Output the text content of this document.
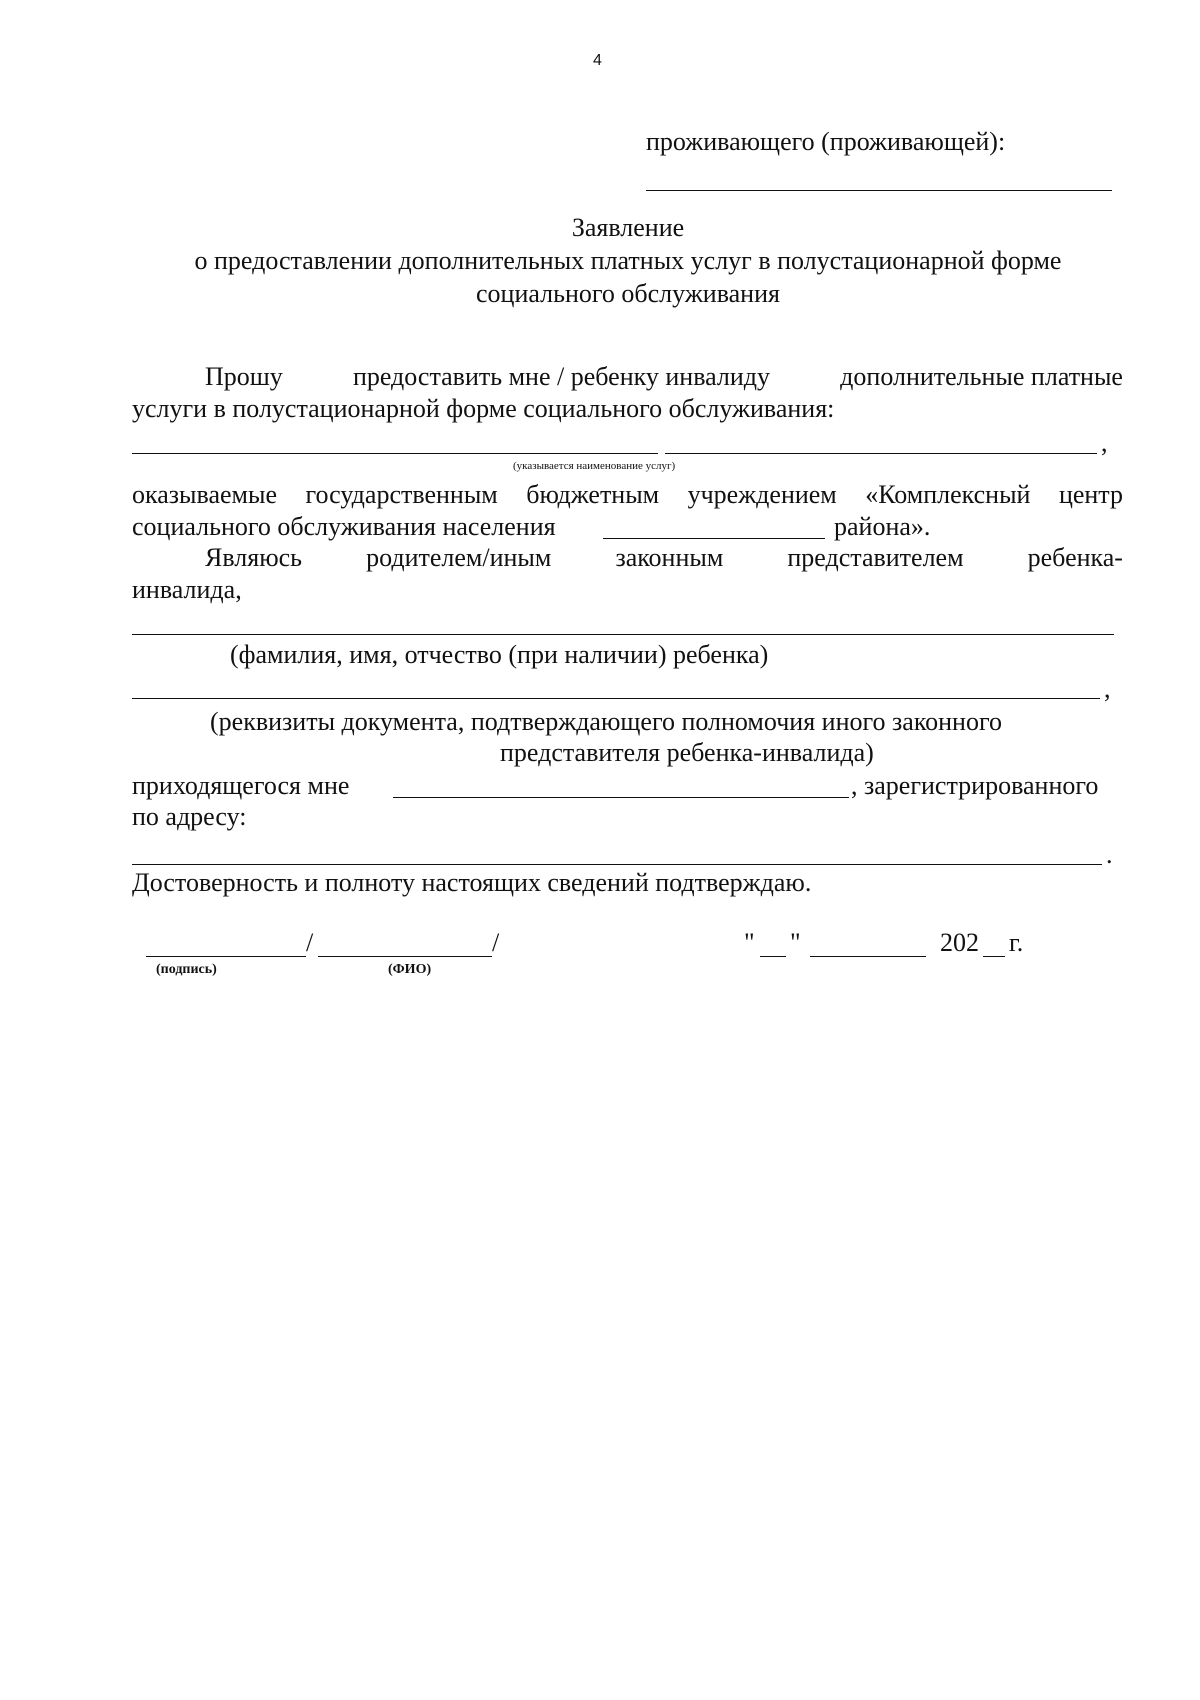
4
проживающего (проживающей):
Заявление
о предоставлении дополнительных платных услуг в полустационарной форме
социального обслуживания
Прошу	предоставить мне / ребенку инвалиду	дополнительные платные
услуги в полустационарной форме социального обслуживания:
,
(указывается наименование услуг)
оказываемые государственным бюджетным учреждением «Комплексный центр
социального обслуживания населения	района».
Являюсь родителем/иным законным представителем ребенка-
инвалида,
(фамилия, имя, отчество (при наличии) ребенка)
,
(реквизиты документа, подтверждающего полномочия иного законного
представителя ребенка-инвалида)
приходящегося мне	, зарегистрированного
по адресу:
.
Достоверность и полноту настоящих сведений подтверждаю.
/	/
(подпись)	(ФИО)
" "	202 г.
